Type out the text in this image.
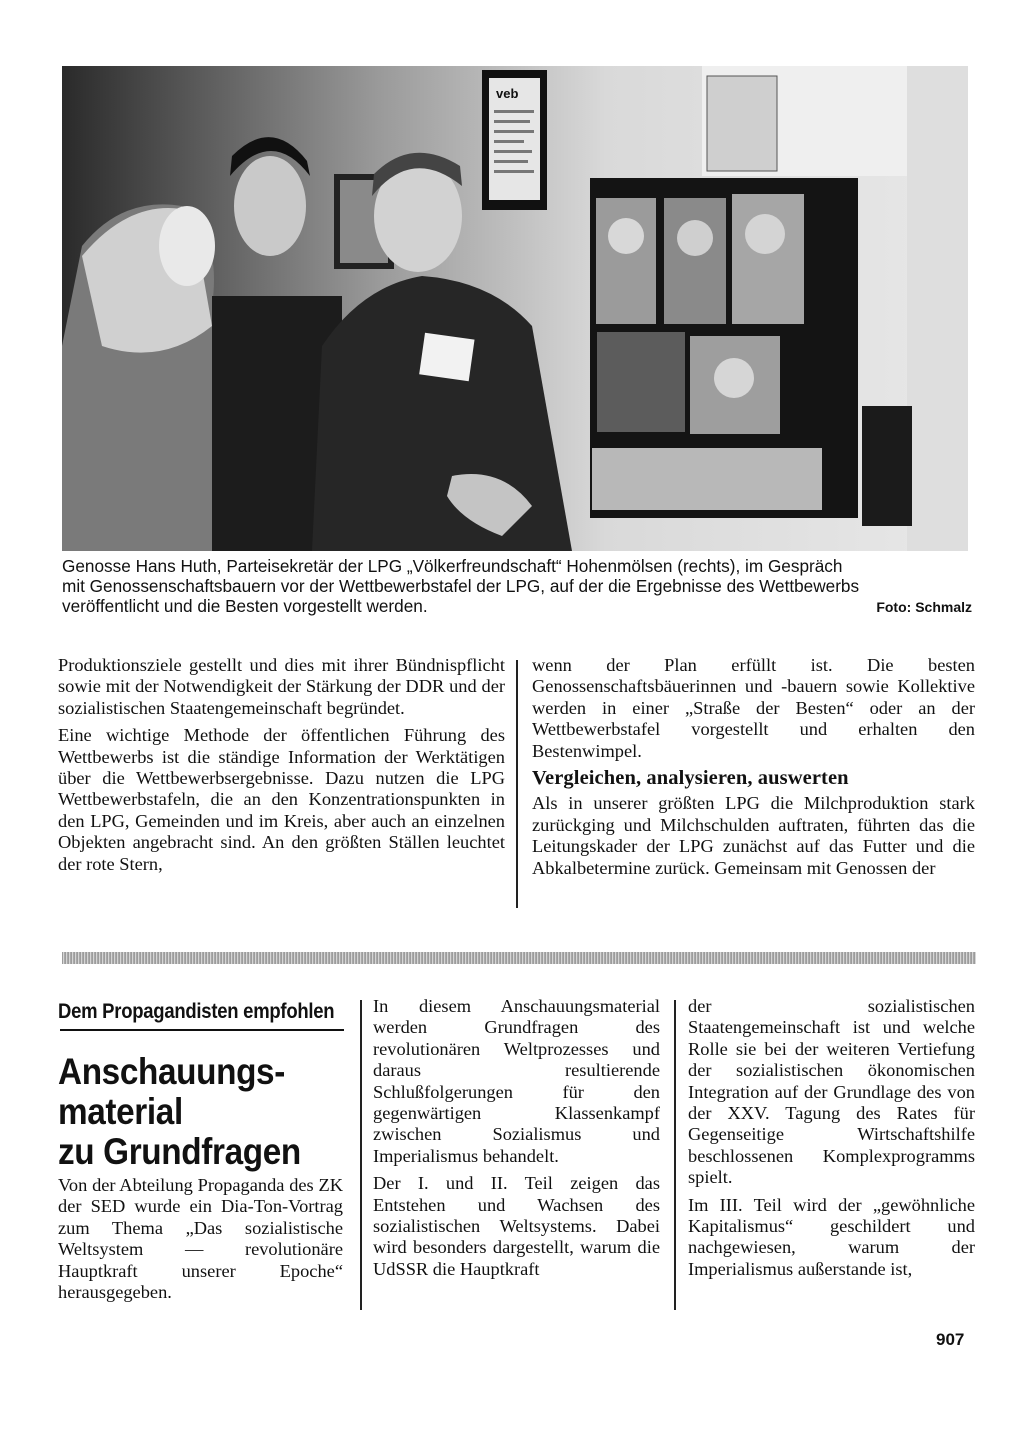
veb
Genosse Hans Huth, Parteisekretär der LPG „Völkerfreundschaft“ Hohenmölsen (rechts), im Gespräch
mit Genossenschaftsbauern vor der Wettbewerbstafel der LPG, auf der die Ergebnisse des Wettbewerbs
veröffentlicht und die Besten vorgestellt werden.	Foto: Schmalz

Produktionsziele gestellt und dies mit ihrer Bündnispflicht sowie mit der Notwendigkeit der Stärkung der DDR und der sozialistischen Staatengemeinschaft begründet.

Eine wichtige Methode der öffentlichen Führung des Wettbewerbs ist die ständige Information der Werktätigen über die Wettbewerbsergebnisse. Dazu nutzen die LPG Wettbewerbstafeln, die an den Konzentrationspunkten in den LPG, Gemeinden und im Kreis, aber auch an einzelnen Objekten angebracht sind. An den größten Ställen leuchtet der rote Stern,

wenn der Plan erfüllt ist. Die besten Genossenschaftsbäuerinnen und -bauern sowie Kollektive werden in einer „Straße der Besten“ oder an der Wettbewerbstafel vorgestellt und erhalten den Bestenwimpel.

Vergleichen, analysieren, auswerten

Als in unserer größten LPG die Milchproduktion stark zurückging und Milchschulden auftraten, führten das die Leitungskader der LPG zunächst auf das Futter und die Abkalbetermine zurück. Gemeinsam mit Genossen der

Dem Propagandisten empfohlen
Anschauungs-
material
zu Grundfragen

Von der Abteilung Propaganda des ZK der SED wurde ein Dia-Ton-Vortrag zum Thema „Das sozialistische Weltsystem — revolutionäre Hauptkraft unserer Epoche“ herausgegeben.

In diesem Anschauungsmaterial werden Grundfragen des revolutionären Weltprozesses und daraus resultierende Schlußfolgerungen für den gegenwärtigen Klassenkampf zwischen Sozialismus und Imperialismus behandelt.

Der I. und II. Teil zeigen das Entstehen und Wachsen des sozialistischen Weltsystems. Dabei wird besonders dargestellt, warum die UdSSR die Hauptkraft

der sozialistischen Staatengemeinschaft ist und welche Rolle sie bei der weiteren Vertiefung der sozialistischen ökonomischen Integration auf der Grundlage des von der XXV. Tagung des Rates für Gegenseitige Wirtschaftshilfe beschlossenen Komplexprogramms spielt.

Im III. Teil wird der „gewöhnliche Kapitalismus“ geschildert und nachgewiesen, warum der Imperialismus außerstande ist,

907
